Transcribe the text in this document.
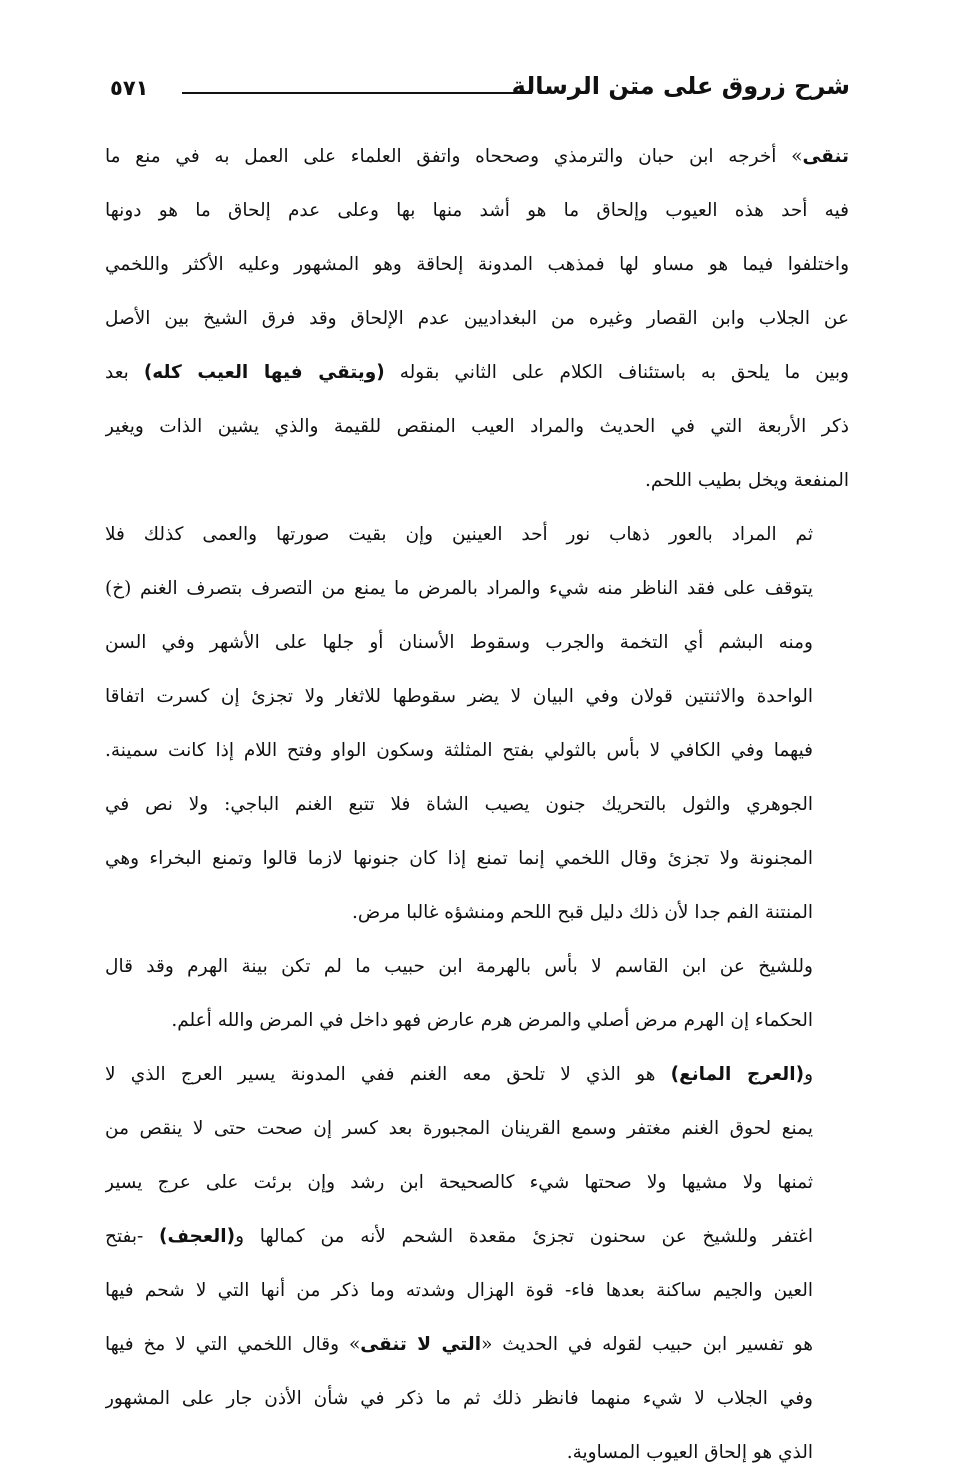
شرح زروق على متن الرسالة
٥٧١
تنقى» أخرجه ابن حبان والترمذي وصححاه واتفق العلماء على العمل به في منع ما
فيه أحد هذه العيوب وإلحاق ما هو أشد منها بها وعلى عدم إلحاق ما هو دونها
واختلفوا فيما هو مساو لها فمذهب المدونة إلحاقة وهو المشهور وعليه الأكثر واللخمي
عن الجلاب وابن القصار وغيره من البغداديين عدم الإلحاق وقد فرق الشيخ بين الأصل
وبين ما يلحق به باستئناف الكلام على الثاني بقوله (ويتقي فيها العيب كله) بعد
ذكر الأربعة التي في الحديث والمراد العيب المنقص للقيمة والذي يشين الذات ويغير
المنفعة ويخل بطيب اللحم.
ثم المراد بالعور ذهاب نور أحد العينين وإن بقيت صورتها والعمى كذلك فلا
يتوقف على فقد الناظر منه شيء والمراد بالمرض ما يمنع من التصرف بتصرف الغنم (خ)
ومنه البشم أي التخمة والجرب وسقوط الأسنان أو جلها على الأشهر وفي السن
الواحدة والاثنتين قولان وفي البيان لا يضر سقوطها للاثغار ولا تجزئ إن كسرت اتفاقا
فيهما وفي الكافي لا بأس بالثولي بفتح المثلثة وسكون الواو وفتح اللام إذا كانت سمينة.
الجوهري والثول بالتحريك جنون يصيب الشاة فلا تتبع الغنم الباجي: ولا نص في
المجنونة ولا تجزئ وقال اللخمي إنما تمنع إذا كان جنونها لازما قالوا وتمنع البخراء وهي
المنتنة الفم جدا لأن ذلك دليل قبح اللحم ومنشؤه غالبا مرض.
وللشيخ عن ابن القاسم لا بأس بالهرمة ابن حبيب ما لم تكن بينة الهرم وقد قال
الحكماء إن الهرم مرض أصلي والمرض هرم عارض فهو داخل في المرض والله أعلم.
و(العرج المانع) هو الذي لا تلحق معه الغنم ففي المدونة يسير العرج الذي لا
يمنع لحوق الغنم مغتفر وسمع القرينان المجبورة بعد كسر إن صحت حتى لا ينقص من
ثمنها ولا مشيها ولا صحتها شيء كالصحيحة ابن رشد وإن برئت على عرج يسير
اغتفر وللشيخ عن سحنون تجزئ مقعدة الشحم لأنه من كمالها و(العجف) -بفتح
العين والجيم ساكنة بعدها فاء- قوة الهزال وشدته وما ذكر من أنها التي لا شحم فيها
هو تفسير ابن حبيب لقوله في الحديث «التي لا تنقى» وقال اللخمي التي لا مخ فيها
وفي الجلاب لا شيء منهما فانظر ذلك ثم ما ذكر في شأن الأذن جار على المشهور
الذي هو إلحاق العيوب المساوية.
